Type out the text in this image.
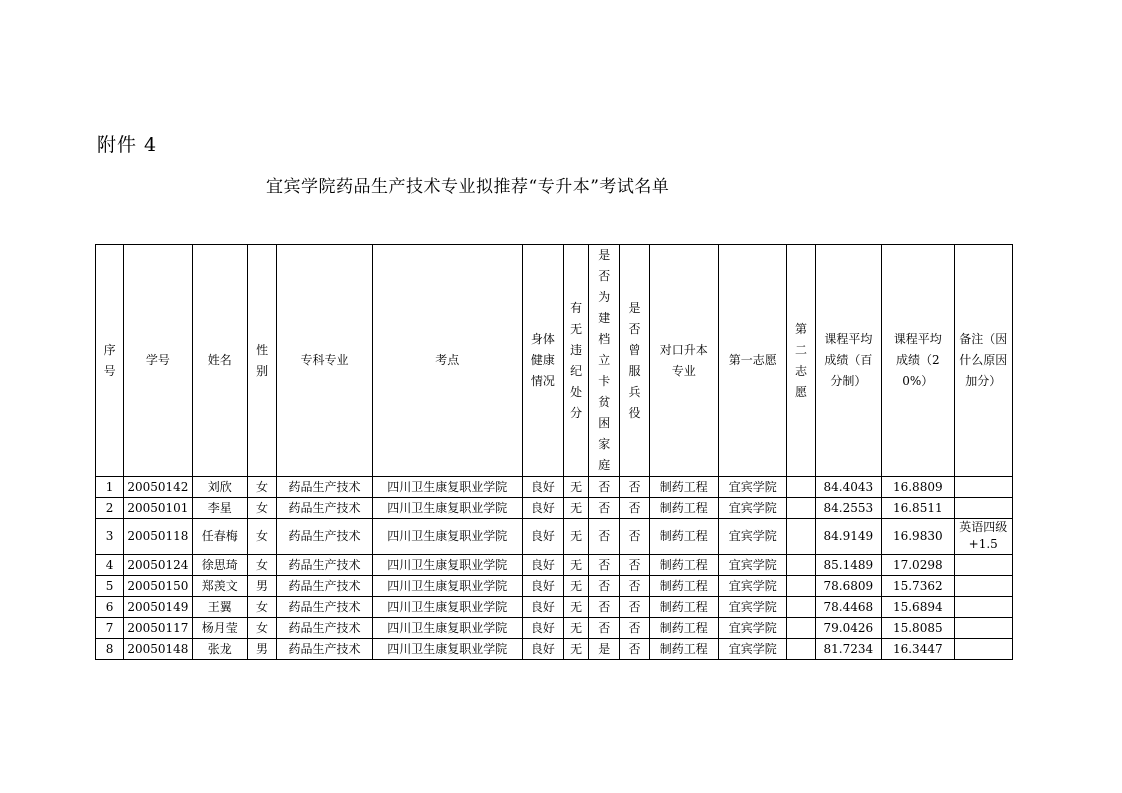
附件 4
宜宾学院药品生产技术专业拟推荐“专升本”考试名单
序号	学号	姓名	性别	专科专业	考点	身体健康情况	有无违纪处分	是否为建档立卡贫困家庭	是否曾服兵役	对口升本专业	第一志愿	第二志愿	课程平均成绩（百分制）	课程平均成绩（20%）	备注（因什么原因加分）
1	20050142	刘欣	女	药品生产技术	四川卫生康复职业学院	良好	无	否	否	制药工程	宜宾学院		84.4043	16.8809	
2	20050101	李星	女	药品生产技术	四川卫生康复职业学院	良好	无	否	否	制药工程	宜宾学院		84.2553	16.8511	
3	20050118	任春梅	女	药品生产技术	四川卫生康复职业学院	良好	无	否	否	制药工程	宜宾学院		84.9149	16.9830	英语四级+1.5
4	20050124	徐思琦	女	药品生产技术	四川卫生康复职业学院	良好	无	否	否	制药工程	宜宾学院		85.1489	17.0298	
5	20050150	郑羡文	男	药品生产技术	四川卫生康复职业学院	良好	无	否	否	制药工程	宜宾学院		78.6809	15.7362	
6	20050149	王翼	女	药品生产技术	四川卫生康复职业学院	良好	无	否	否	制药工程	宜宾学院		78.4468	15.6894	
7	20050117	杨月莹	女	药品生产技术	四川卫生康复职业学院	良好	无	否	否	制药工程	宜宾学院		79.0426	15.8085	
8	20050148	张龙	男	药品生产技术	四川卫生康复职业学院	良好	无	是	否	制药工程	宜宾学院		81.7234	16.3447	
